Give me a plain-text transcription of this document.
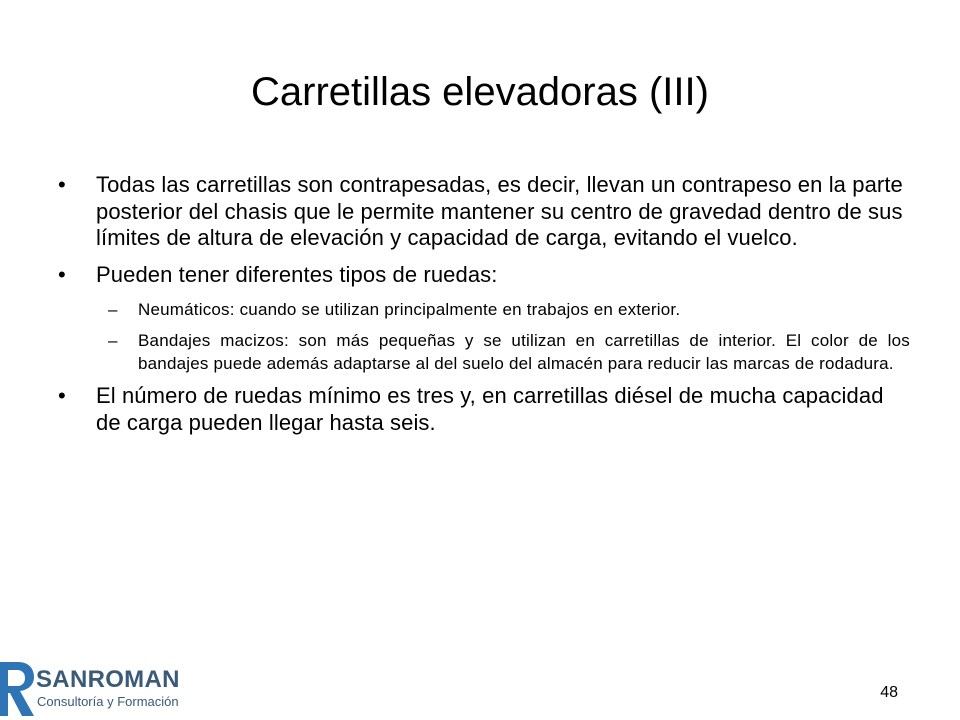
Carretillas elevadoras (III)
•	Todas las carretillas son contrapesadas, es decir, llevan un contrapeso en la parte posterior del chasis que le permite mantener su centro de gravedad dentro de sus límites de altura de elevación y capacidad de carga, evitando el vuelco.
•	Pueden tener diferentes tipos de ruedas:
– Neumáticos: cuando se utilizan principalmente en trabajos en exterior.
– Bandajes macizos: son más pequeñas y se utilizan en carretillas de interior. El color de los bandajes puede además adaptarse al del suelo del almacén para reducir las marcas de rodadura.
•	El número de ruedas mínimo es tres y, en carretillas diésel de mucha capacidad de carga pueden llegar hasta seis.
SANROMAN
Consultoría y Formación
48
